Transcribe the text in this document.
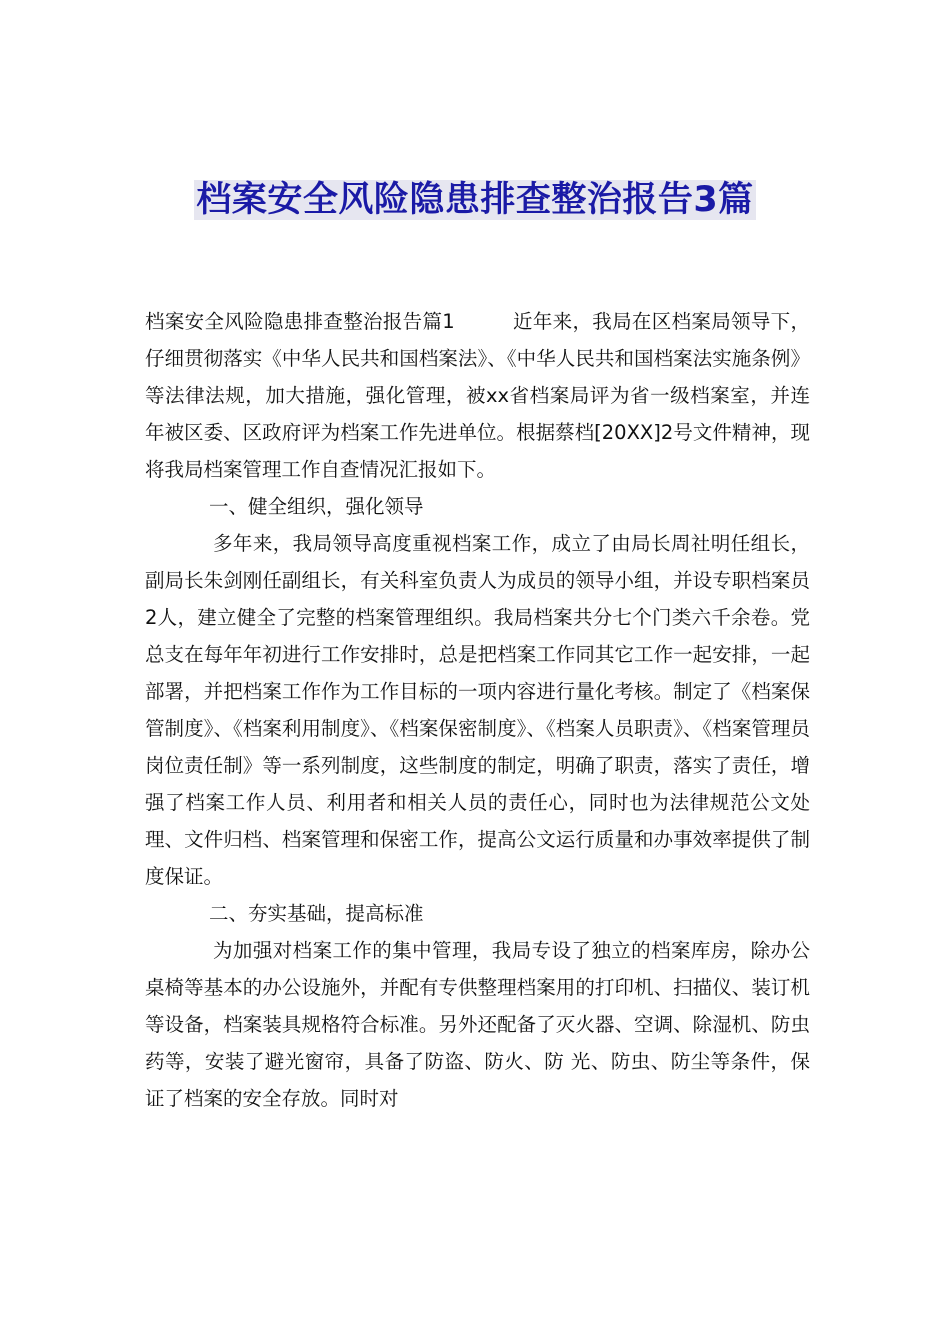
档案安全风险隐患排查整治报告3篇

档案安全风险隐患排查整治报告篇1	近年来，我局在区档案局领导下，仔细贯彻落实《中华人民共和国档案法》、《中华人民共和国档案法实施条例》等法律法规，加大措施，强化管理，被xx省档案局评为省一级档案室，并连年被区委、区政府评为档案工作先进单位。根据蔡档[20XX]2号文件精神，现将我局档案管理工作自查情况汇报如下。

一、健全组织，强化领导

多年来，我局领导高度重视档案工作，成立了由局长周社明任组长，副局长朱剑刚任副组长，有关科室负责人为成员的领导小组，并设专职档案员2人，建立健全了完整的档案管理组织。我局档案共分七个门类六千余卷。党总支在每年年初进行工作安排时，总是把档案工作同其它工作一起安排，一起部署，并把档案工作作为工作目标的一项内容进行量化考核。制定了《档案保管制度》、《档案利用制度》、《档案保密制度》、《档案人员职责》、《档案管理员岗位责任制》等一系列制度，这些制度的制定，明确了职责，落实了责任，增强了档案工作人员、利用者和相关人员的责任心，同时也为法律规范公文处理、文件归档、档案管理和保密工作，提高公文运行质量和办事效率提供了制度保证。

二、夯实基础，提高标准

为加强对档案工作的集中管理，我局专设了独立的档案库房，除办公桌椅等基本的办公设施外，并配有专供整理档案用的打印机、扫描仪、装订机等设备，档案装具规格符合标准。另外还配备了灭火器、空调、除湿机、防虫药等，安装了避光窗帘，具备了防盗、防火、防 光、防虫、防尘等条件，保证了档案的安全存放。同时对
